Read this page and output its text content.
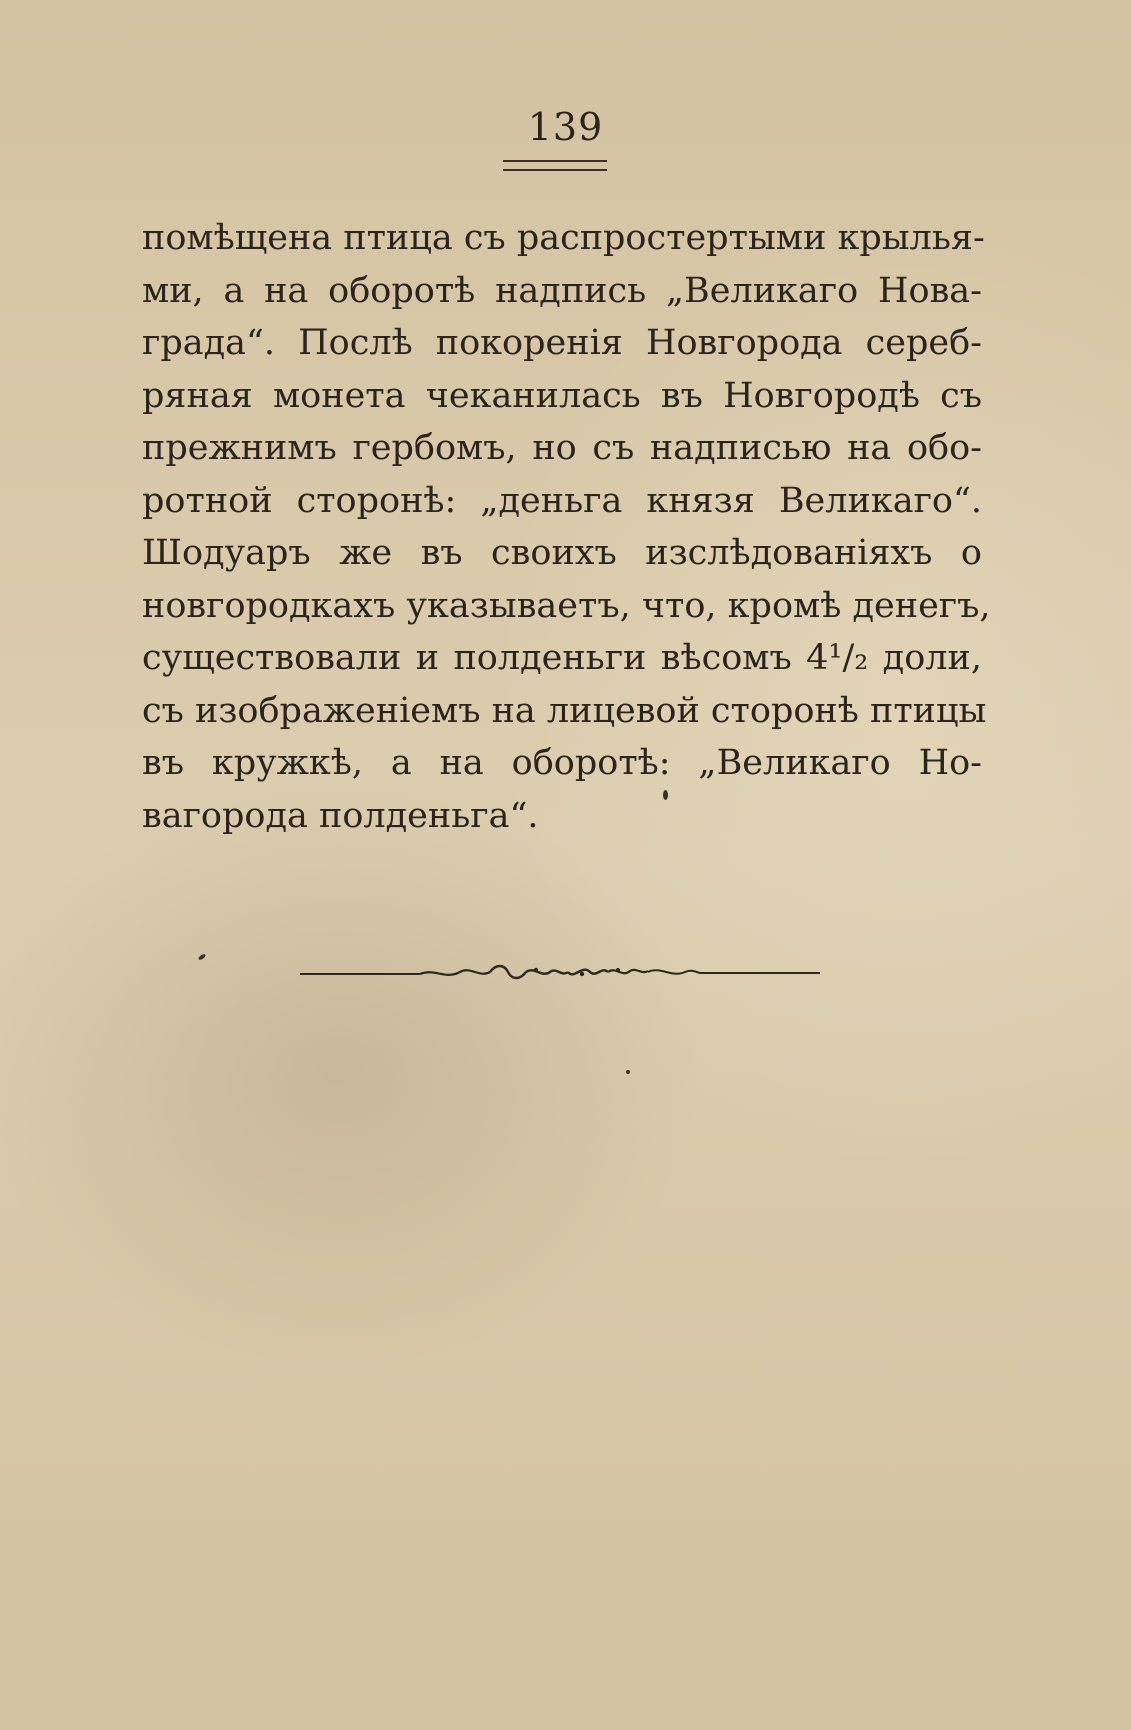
139
помѣщена птица съ распростертыми крылья-
ми, а на оборотѣ надпись „Великаго Нова-
града“. Послѣ покоренія Новгорода сереб-
ряная монета чеканилась въ Новгородѣ съ
прежнимъ гербомъ, но съ надписью на обо-
ротной сторонѣ: „деньга князя Великаго“.
Шодуаръ же въ своихъ изслѣдованіяхъ о
новгородкахъ указываетъ, что, кромѣ денегъ,
существовали и полденьги вѣсомъ 4¹/₂ доли,
съ изображеніемъ на лицевой сторонѣ птицы
въ кружкѣ, а на оборотѣ: „Великаго Но-
вагорода полденьга“.
